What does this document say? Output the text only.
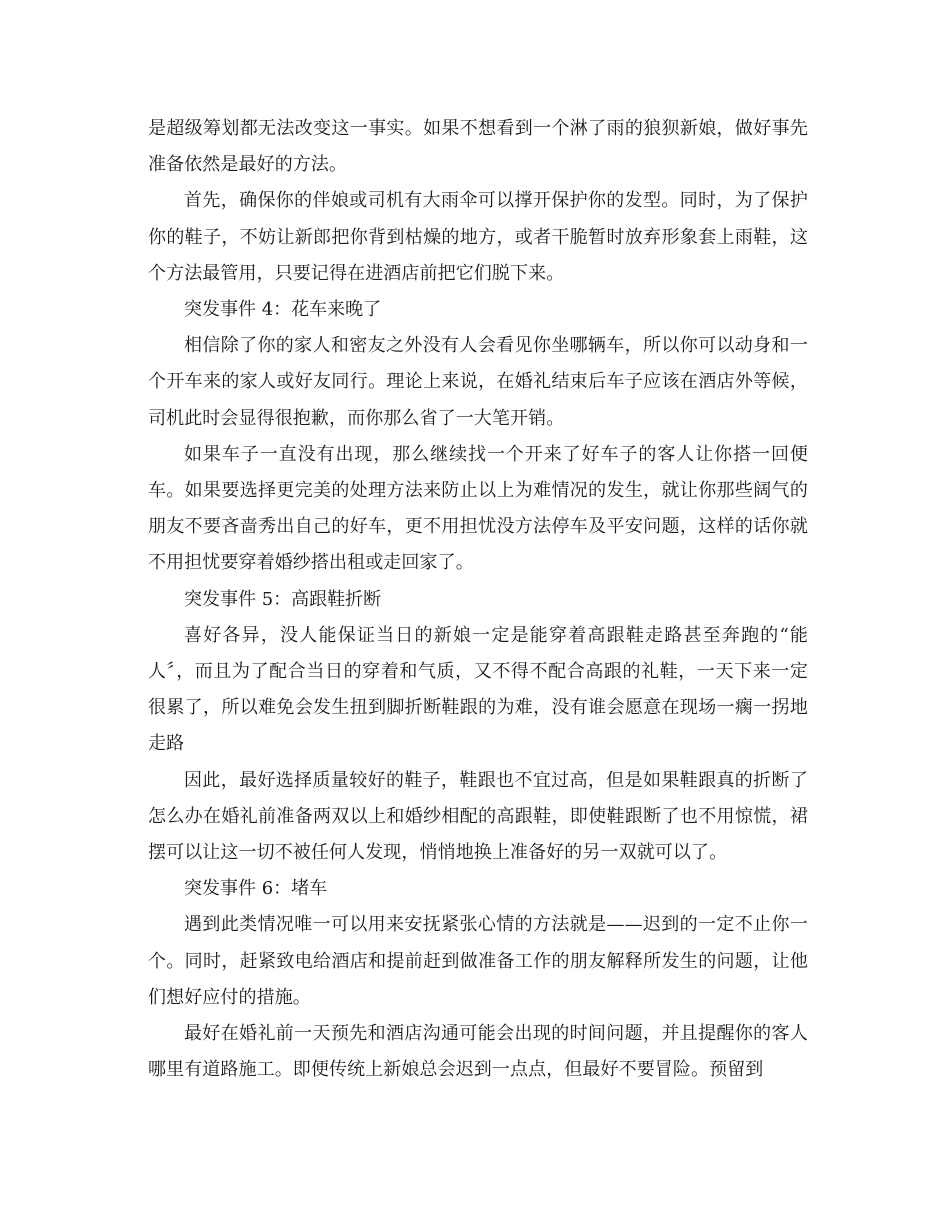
是超级筹划都无法改变这一事实。如果不想看到一个淋了雨的狼狈新娘，做好事先准备依然是最好的方法。

首先，确保你的伴娘或司机有大雨伞可以撑开保护你的发型。同时，为了保护你的鞋子，不妨让新郎把你背到枯燥的地方，或者干脆暂时放弃形象套上雨鞋，这个方法最管用，只要记得在进酒店前把它们脱下来。

突发事件 4：花车来晚了

相信除了你的家人和密友之外没有人会看见你坐哪辆车，所以你可以动身和一个开车来的家人或好友同行。理论上来说，在婚礼结束后车子应该在酒店外等候，司机此时会显得很抱歉，而你那么省了一大笔开销。

如果车子一直没有出现，那么继续找一个开来了好车子的客人让你搭一回便车。如果要选择更完美的处理方法来防止以上为难情况的发生，就让你那些阔气的朋友不要吝啬秀出自己的好车，更不用担忧没方法停车及平安问题，这样的话你就不用担忧要穿着婚纱搭出租或走回家了。

突发事件 5：高跟鞋折断

喜好各异，没人能保证当日的新娘一定是能穿着高跟鞋走路甚至奔跑的“能人〞，而且为了配合当日的穿着和气质，又不得不配合高跟的礼鞋，一天下来一定很累了，所以难免会发生扭到脚折断鞋跟的为难，没有谁会愿意在现场一瘸一拐地走路

因此，最好选择质量较好的鞋子，鞋跟也不宜过高，但是如果鞋跟真的折断了怎么办在婚礼前准备两双以上和婚纱相配的高跟鞋，即使鞋跟断了也不用惊慌，裙摆可以让这一切不被任何人发现，悄悄地换上准备好的另一双就可以了。

突发事件 6：堵车

遇到此类情况唯一可以用来安抚紧张心情的方法就是——迟到的一定不止你一个。同时，赶紧致电给酒店和提前赶到做准备工作的朋友解释所发生的问题，让他们想好应付的措施。

最好在婚礼前一天预先和酒店沟通可能会出现的时间问题，并且提醒你的客人哪里有道路施工。即便传统上新娘总会迟到一点点，但最好不要冒险。预留到
